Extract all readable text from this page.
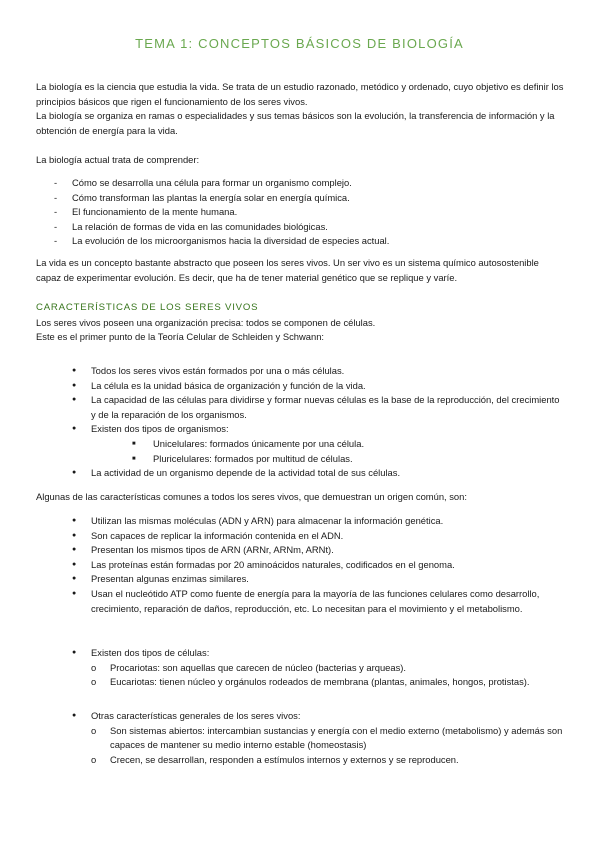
TEMA 1: CONCEPTOS BÁSICOS DE BIOLOGÍA

La biología es la ciencia que estudia la vida. Se trata de un estudio razonado, metódico y ordenado, cuyo objetivo es definir los principios básicos que rigen el funcionamiento de los seres vivos.

La biología se organiza en ramas o especialidades y sus temas básicos son la evolución, la transferencia de información y la obtención de energía para la vida.

La biología actual trata de comprender:

- Cómo se desarrolla una célula para formar un organismo complejo.
- Cómo transforman las plantas la energía solar en energía química.
- El funcionamiento de la mente humana.
- La relación de formas de vida en las comunidades biológicas.
- La evolución de los microorganismos hacia la diversidad de especies actual.

La vida es un concepto bastante abstracto que poseen los seres vivos. Un ser vivo es un sistema químico autosostenible capaz de experimentar evolución. Es decir, que ha de tener material genético que se replique y varíe.

CARACTERÍSTICAS DE LOS SERES VIVOS

Los seres vivos poseen una organización precisa: todos se componen de células.

Este es el primer punto de la Teoría Celular de Schleiden y Schwann:

● Todos los seres vivos están formados por una o más células.
● La célula es la unidad básica de organización y función de la vida.
● La capacidad de las células para dividirse y formar nuevas células es la base de la reproducción, del crecimiento y de la reparación de los organismos.
● Existen dos tipos de organismos:
■ Unicelulares: formados únicamente por una célula.
■ Pluricelulares: formados por multitud de células.
● La actividad de un organismo depende de la actividad total de sus células.

Algunas de las características comunes a todos los seres vivos, que demuestran un origen común, son:

● Utilizan las mismas moléculas (ADN y ARN) para almacenar la información genética.
● Son capaces de replicar la información contenida en el ADN.
● Presentan los mismos tipos de ARN (ARNr, ARNm, ARNt).
● Las proteínas están formadas por 20 aminoácidos naturales, codificados en el genoma.
● Presentan algunas enzimas similares.
● Usan el nucleótido ATP como fuente de energía para la mayoría de las funciones celulares como desarrollo, crecimiento, reparación de daños, reproducción, etc. Lo necesitan para el movimiento y el metabolismo.
● Existen dos tipos de células:
o Procariotas: son aquellas que carecen de núcleo (bacterias y arqueas).
o Eucariotas: tienen núcleo y orgánulos rodeados de membrana (plantas, animales, hongos, protistas).
● Otras características generales de los seres vivos:
o Son sistemas abiertos: intercambian sustancias y energía con el medio externo (metabolismo) y además son capaces de mantener su medio interno estable (homeostasis)
o Crecen, se desarrollan, responden a estímulos internos y externos y se reproducen.
